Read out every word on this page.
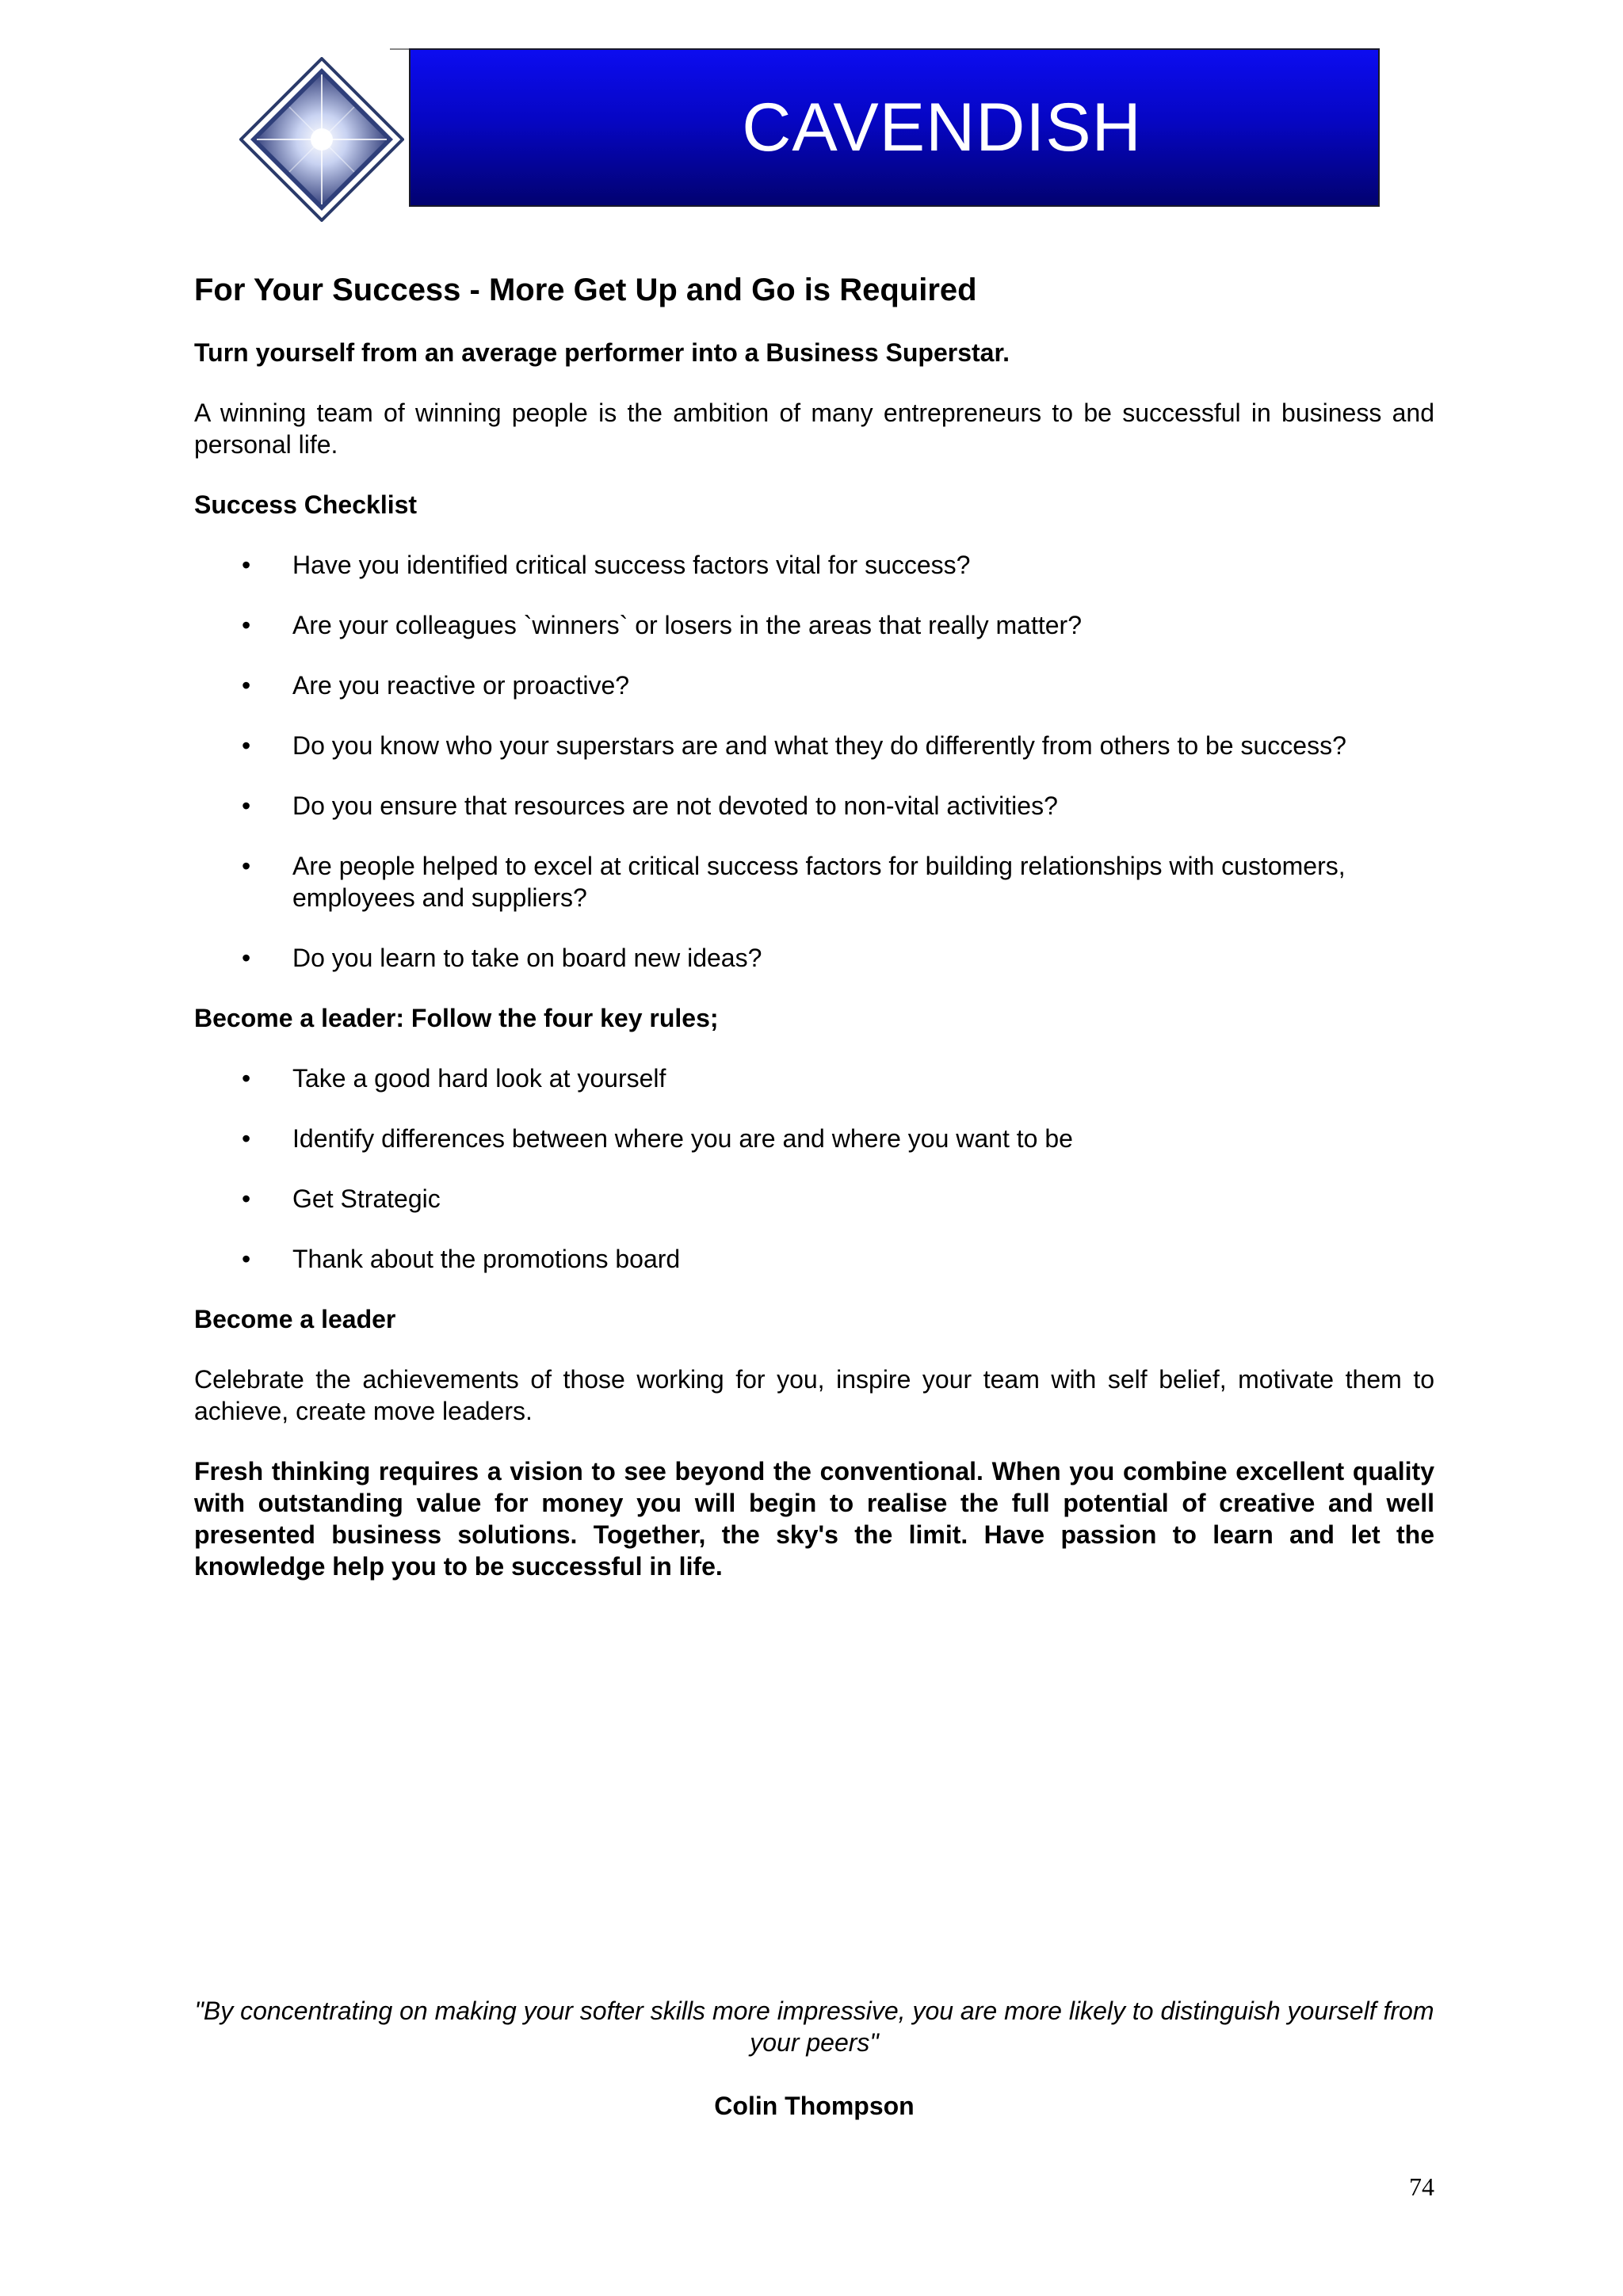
CAVENDISH
For Your Success - More Get Up and Go is Required

Turn yourself from an average performer into a Business Superstar.

A winning team of winning people is the ambition of many entrepreneurs to be successful in business and personal life.

Success Checklist

• Have you identified critical success factors vital for success?
• Are your colleagues `winners` or losers in the areas that really matter?
• Are you reactive or proactive?
• Do you know who your superstars are and what they do differently from others to be success?
• Do you ensure that resources are not devoted to non-vital activities?
• Are people helped to excel at critical success factors for building relationships with customers, employees and suppliers?
• Do you learn to take on board new ideas?

Become a leader: Follow the four key rules;

• Take a good hard look at yourself
• Identify differences between where you are and where you want to be
• Get Strategic
• Thank about the promotions board

Become a leader

Celebrate the achievements of those working for you, inspire your team with self belief, motivate them to achieve, create move leaders.

Fresh thinking requires a vision to see beyond the conventional. When you combine excellent quality with outstanding value for money you will begin to realise the full potential of creative and well presented business solutions. Together, the sky's the limit. Have passion to learn and let the knowledge help you to be successful in life.

"By concentrating on making your softer skills more impressive, you are more likely to distinguish yourself from your peers"
Colin Thompson
74
